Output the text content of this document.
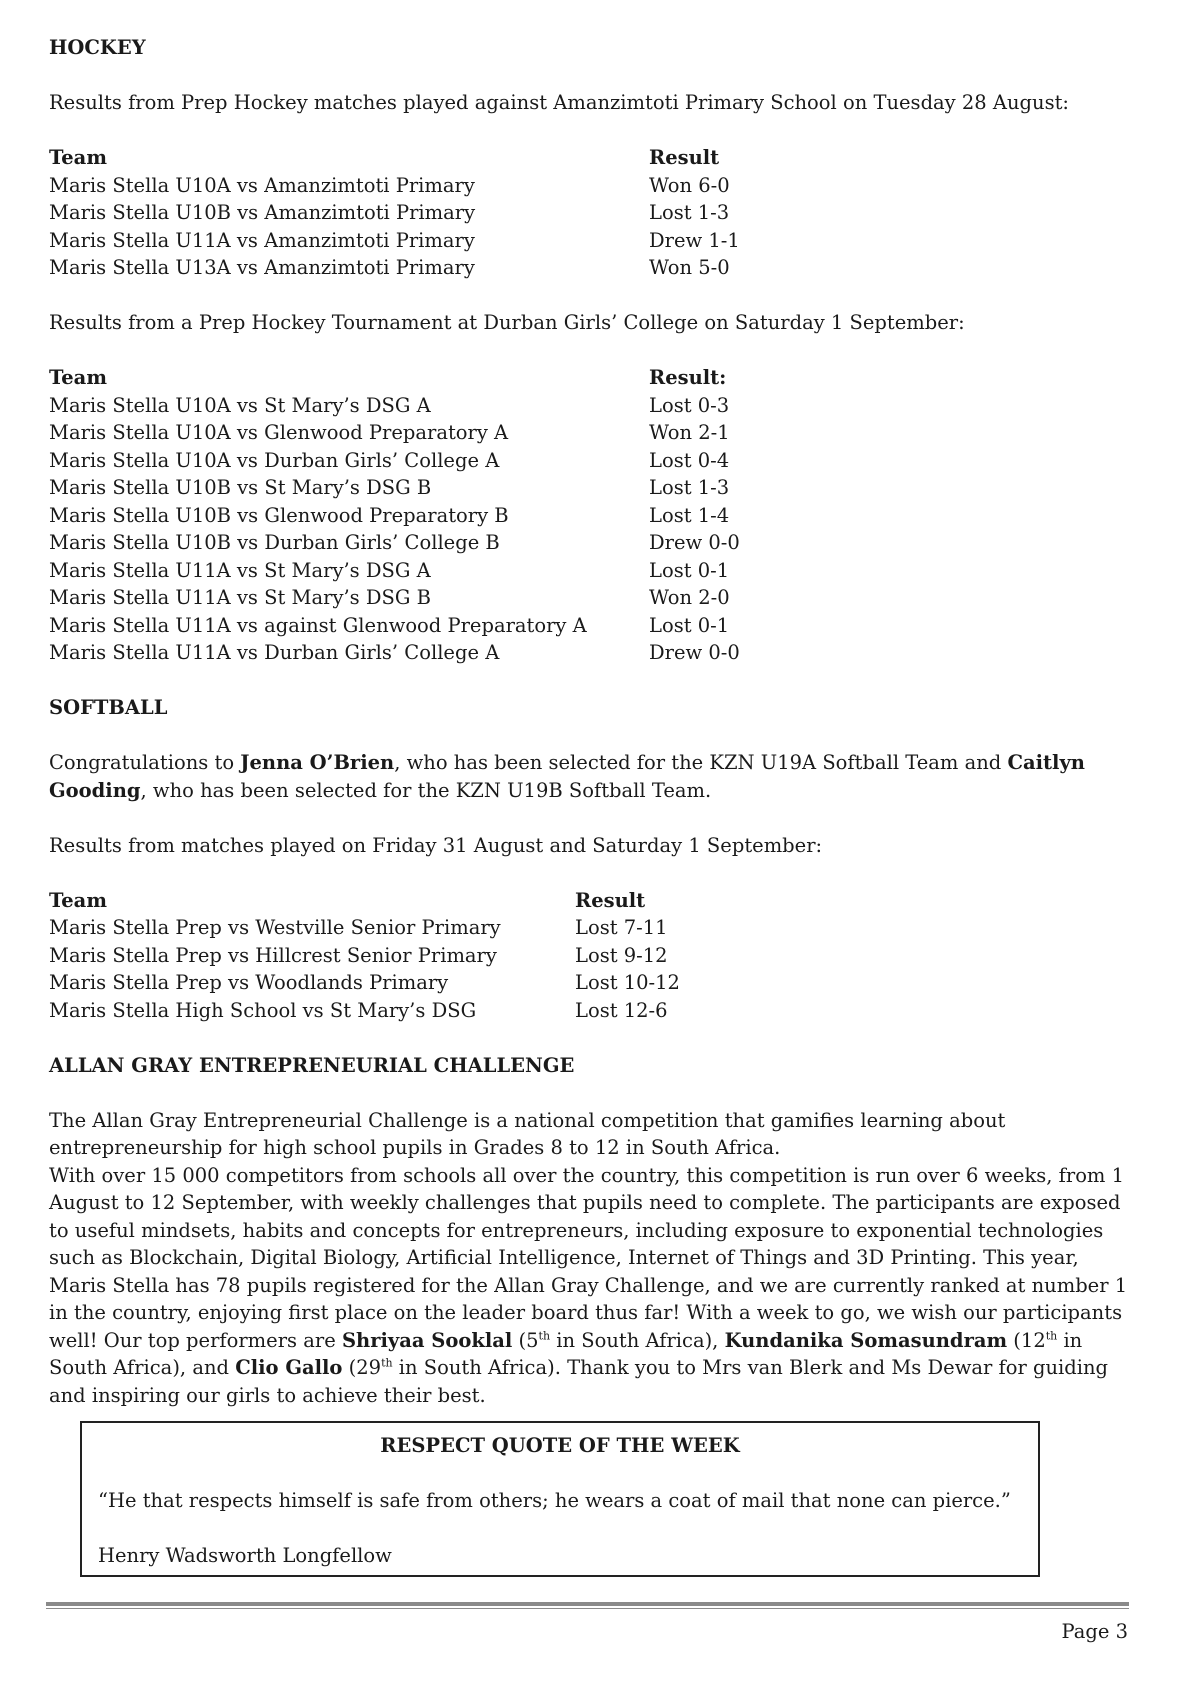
HOCKEY

Results from Prep Hockey matches played against Amanzimtoti Primary School on Tuesday 28 August:

Team	Result
Maris Stella U10A vs Amanzimtoti Primary	Won 6-0
Maris Stella U10B vs Amanzimtoti Primary	Lost 1-3
Maris Stella U11A vs Amanzimtoti Primary	Drew 1-1
Maris Stella U13A vs Amanzimtoti Primary	Won 5-0

Results from a Prep Hockey Tournament at Durban Girls’ College on Saturday 1 September:

Team	Result:
Maris Stella U10A vs St Mary’s DSG A	Lost 0-3
Maris Stella U10A vs Glenwood Preparatory A	Won 2-1
Maris Stella U10A vs Durban Girls’ College A	Lost 0-4
Maris Stella U10B vs St Mary’s DSG B	Lost 1-3
Maris Stella U10B vs Glenwood Preparatory B	Lost 1-4
Maris Stella U10B vs Durban Girls’ College B	Drew 0-0
Maris Stella U11A vs St Mary’s DSG A	Lost 0-1
Maris Stella U11A vs St Mary’s DSG B	Won 2-0
Maris Stella U11A vs against Glenwood Preparatory A	Lost 0-1
Maris Stella U11A vs Durban Girls’ College A	Drew 0-0

SOFTBALL

Congratulations to Jenna O’Brien, who has been selected for the KZN U19A Softball Team and Caitlyn Gooding, who has been selected for the KZN U19B Softball Team.

Results from matches played on Friday 31 August and Saturday 1 September:

Team	Result
Maris Stella Prep vs Westville Senior Primary	Lost 7-11
Maris Stella Prep vs Hillcrest Senior Primary	Lost 9-12
Maris Stella Prep vs Woodlands Primary	Lost 10-12
Maris Stella High School vs St Mary’s DSG	Lost 12-6

ALLAN GRAY ENTREPRENEURIAL CHALLENGE

The Allan Gray Entrepreneurial Challenge is a national competition that gamifies learning about entrepreneurship for high school pupils in Grades 8 to 12 in South Africa.

With over 15 000 competitors from schools all over the country, this competition is run over 6 weeks, from 1 August to 12 September, with weekly challenges that pupils need to complete. The participants are exposed to useful mindsets, habits and concepts for entrepreneurs, including exposure to exponential technologies such as Blockchain, Digital Biology, Artificial Intelligence, Internet of Things and 3D Printing. This year, Maris Stella has 78 pupils registered for the Allan Gray Challenge, and we are currently ranked at number 1 in the country, enjoying first place on the leader board thus far! With a week to go, we wish our participants well! Our top performers are Shriyaa Sooklal (5th in South Africa), Kundanika Somasundram (12th in South Africa), and Clio Gallo (29th in South Africa). Thank you to Mrs van Blerk and Ms Dewar for guiding and inspiring our girls to achieve their best.

RESPECT QUOTE OF THE WEEK

“He that respects himself is safe from others; he wears a coat of mail that none can pierce.”

Henry Wadsworth Longfellow

Page 3
